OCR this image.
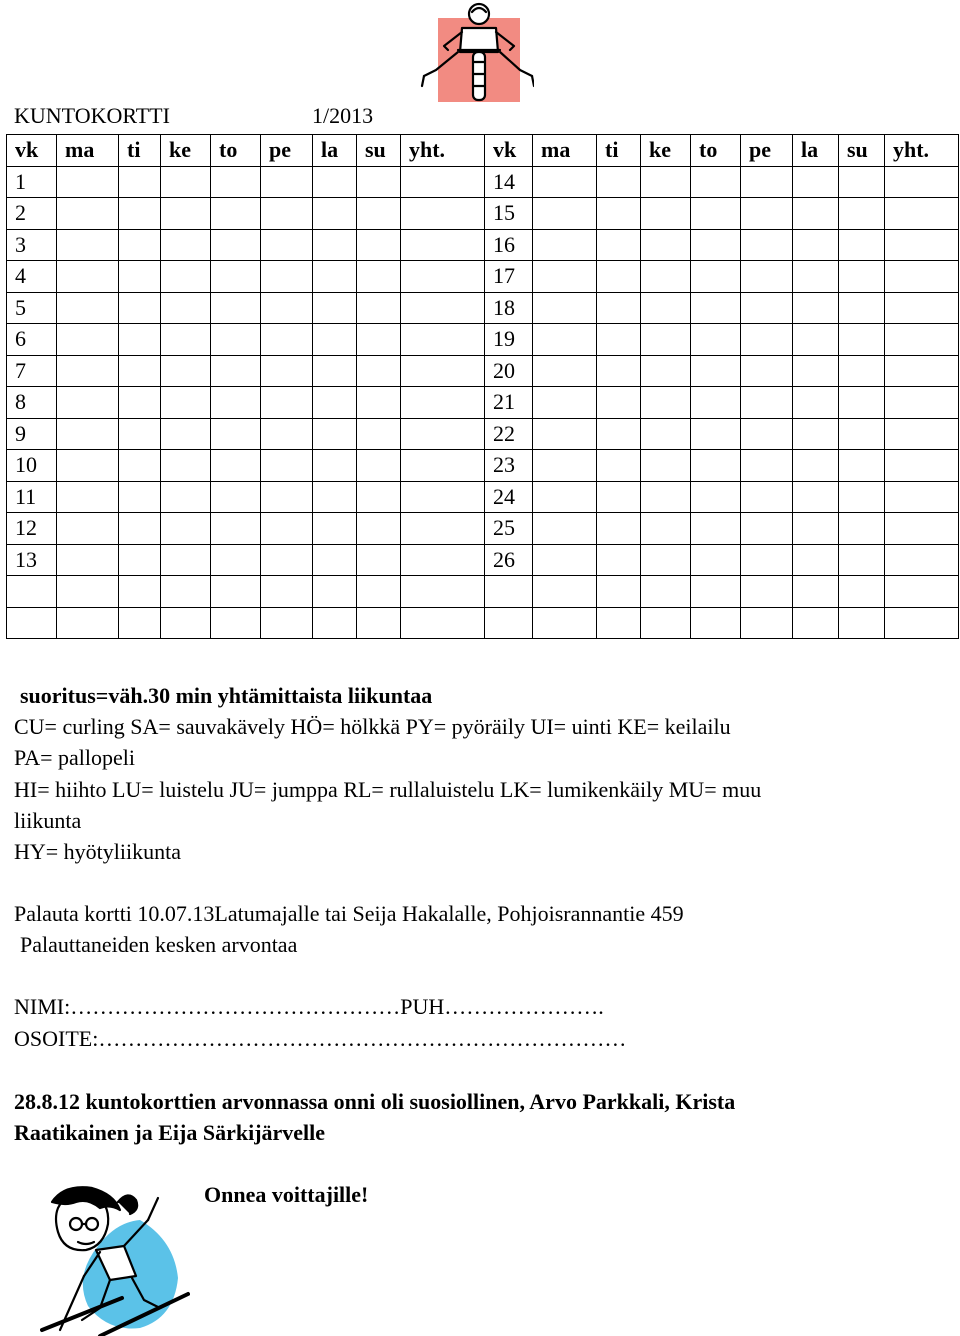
KUNTOKORTTI	1/2013
vk	ma	ti	ke	to	pe	la	su	yht.	vk	ma	ti	ke	to	pe	la	su	yht.
1									14								
2									15								
3									16								
4									17								
5									18								
6									19								
7									20								
8									21								
9									22								
10									23								
11									24								
12									25								
13									26								

suoritus=väh.30 min yhtämittaista liikuntaa
CU= curling SA= sauvakävely HÖ= hölkkä PY= pyöräily UI= uinti KE= keilailu
PA= pallopeli
HI= hiihto LU= luistelu JU= jumppa RL= rullaluistelu LK= lumikenkäily MU= muu
liikunta
HY= hyötyliikunta
Palauta kortti 10.07.13Latumajalle tai Seija Hakalalle, Pohjoisrannantie 459
Palauttaneiden kesken arvontaa
NIMI:………………………………………PUH………………….
OSOITE:………………………………………………………………
28.8.12 kuntokorttien arvonnassa onni oli suosiollinen, Arvo Parkkali, Krista
Raatikainen ja Eija Särkijärvelle
Onnea voittajille!
